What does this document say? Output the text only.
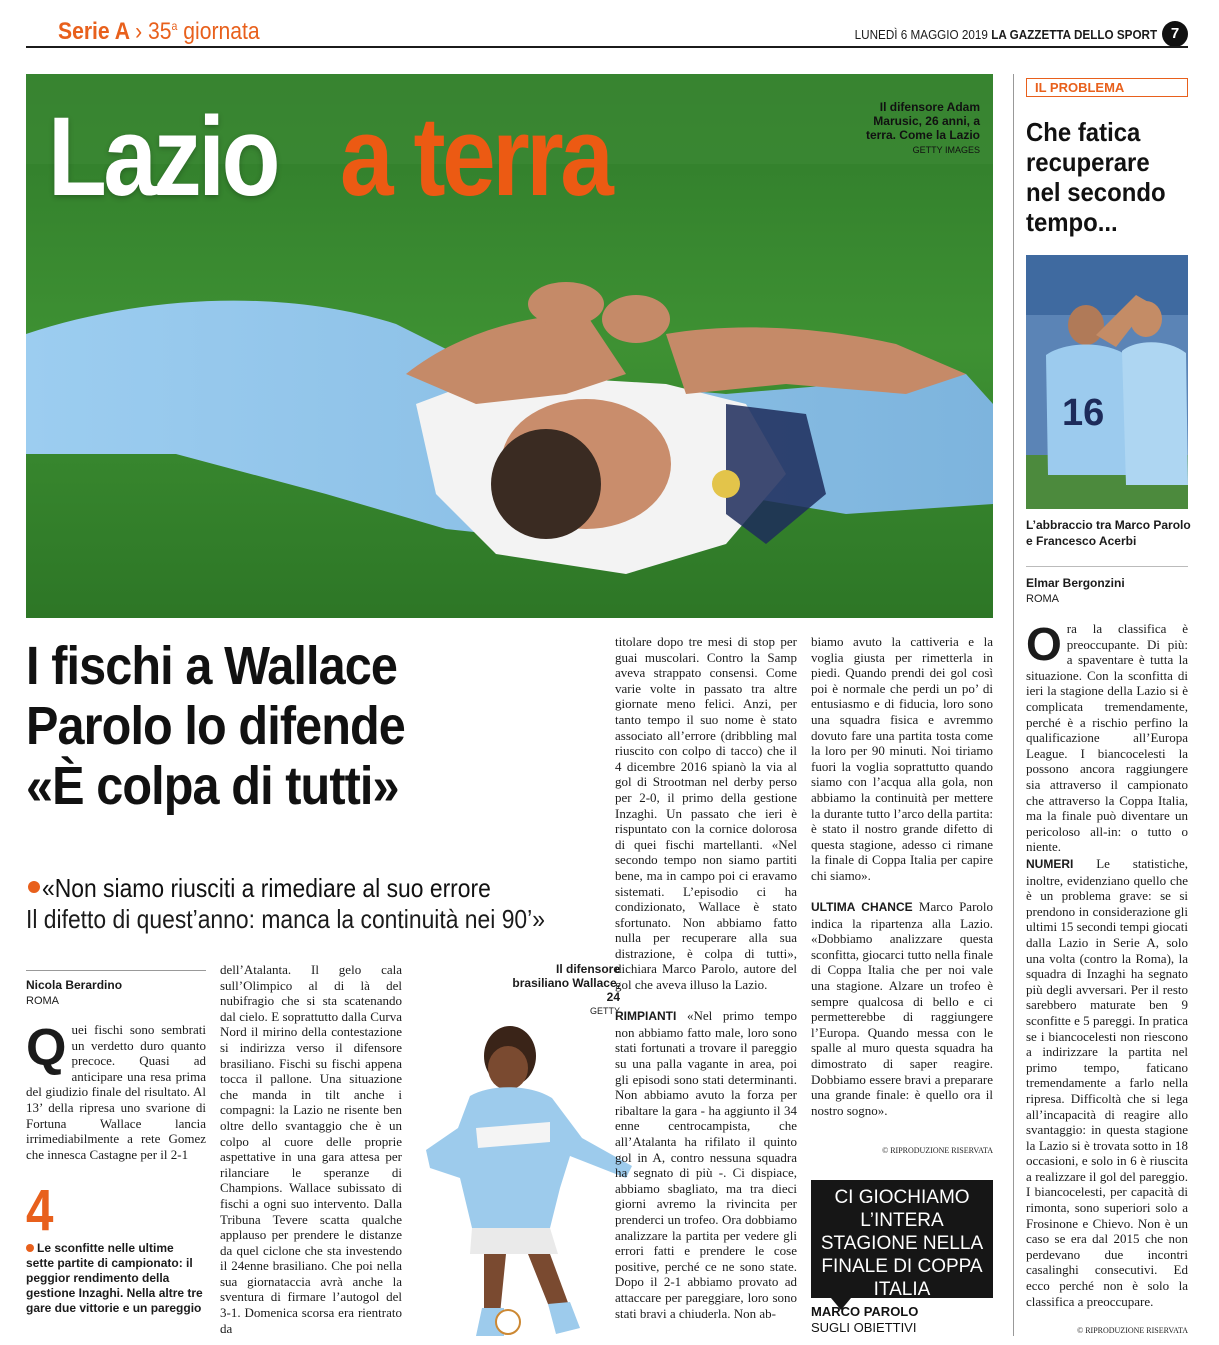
Serie A › 35$^a$ giornata	LUNEDÌ 6 MAGGIO 2019 LA GAZZETTA DELLO SPORT 7
Lazio a terra	Il difensore Adam Marusic, 26 anni, a terra. Come la Lazio GETTY IMAGES
I fischi a Wallace
Parolo lo difende
«È colpa di tutti»
«Non siamo riusciti a rimediare al suo errore
Il difetto di quest’anno: manca la continuità nei 90’»
Nicola Berardino
ROMA
Q uei fischi sono sembrati un verdetto duro quanto precoce. Quasi ad anticipare una resa prima del giudizio finale del risultato. Al 13’ della ripresa uno svarione di Fortuna Wallace lancia irrimediabilmente a rete Gomez che innesca Castagne per il 2-1
4
Le sconfitte nelle ultime sette partite di campionato: il peggior rendimento della gestione Inzaghi. Nella altre tre gare due vittorie e un pareggio
dell’Atalanta. Il gelo cala sull’Olimpico al di là del nubifragio che si sta scatenando dal cielo. E soprattutto dalla Curva Nord il mirino della contestazione si indirizza verso il difensore brasiliano. Fischi su fischi appena tocca il pallone. Una situazione che manda in tilt anche i compagni: la Lazio ne risente ben oltre dello svantaggio che è un colpo al cuore delle proprie aspettative in una gara attesa per rilanciare le speranze di Champions. Wallace subissato di fischi a ogni suo intervento. Dalla Tribuna Tevere scatta qualche applauso per prendere le distanze da quel ciclone che sta investendo il 24enne brasiliano. Che poi nella sua giornataccia avrà anche la sventura di firmare l’autogol del 3-1. Domenica scorsa era rientrato da
Il difensore brasiliano Wallace, 24
GETTY
titolare dopo tre mesi di stop per guai muscolari. Contro la Samp aveva strappato consensi. Come varie volte in passato tra altre giornate meno felici. Anzi, per tanto tempo il suo nome è stato associato all’errore (dribbling mal riuscito con colpo di tacco) che il 4 dicembre 2016 spianò la via al gol di Strootman nel derby perso per 2-0, il primo della gestione Inzaghi. Un passato che ieri è rispuntato con la cornice dolorosa di quei fischi martellanti. «Nel secondo tempo non siamo partiti bene, ma in campo poi ci eravamo sistemati. L’episodio ci ha condizionato, Wallace è stato sfortunato. Non abbiamo fatto nulla per recuperare alla sua distrazione, è colpa di tutti», dichiara Marco Parolo, autore del gol che aveva illuso la Lazio.

RIMPIANTI «Nel primo tempo non abbiamo fatto male, loro sono stati fortunati a trovare il pareggio su una palla vagante in area, poi gli episodi sono stati determinanti. Non abbiamo avuto la forza per ribaltare la gara - ha aggiunto il 34 enne centrocampista, che all’Atalanta ha rifilato il quinto gol in A, contro nessuna squadra ha segnato di più -. Ci dispiace, abbiamo sbagliato, ma tra dieci giorni avremo la rivincita per prenderci un trofeo. Ora dobbiamo analizzare la partita per vedere gli errori fatti e prendere le cose positive, perché ce ne sono state. Dopo il 2-1 abbiamo provato ad attaccare per pareggiare, loro sono stati bravi a chiuderla. Non ab-
biamo avuto la cattiveria e la voglia giusta per rimetterla in piedi. Quando prendi dei gol così poi è normale che perdi un po’ di entusiasmo e di fiducia, loro sono una squadra fisica e avremmo dovuto fare una partita tosta come la loro per 90 minuti. Noi tiriamo fuori la voglia soprattutto quando siamo con l’acqua alla gola, non abbiamo la continuità per mettere la durante tutto l’arco della partita: è stato il nostro grande difetto di questa stagione, adesso ci rimane la finale di Coppa Italia per capire chi siamo».

ULTIMA CHANCE Marco Parolo indica la ripartenza alla Lazio. «Dobbiamo analizzare questa sconfitta, giocarci tutto nella finale di Coppa Italia che per noi vale una stagione. Alzare un trofeo è sempre qualcosa di bello e ci permetterebbe di raggiungere l’Europa. Quando messa con le spalle al muro questa squadra ha dimostrato di saper reagire. Dobbiamo essere bravi a preparare una grande finale: è quello ora il nostro sogno».
© RIPRODUZIONE RISERVATA
CI GIOCHIAMO L’INTERA STAGIONE NELLA FINALE DI COPPA ITALIA
MARCO PAROLO
SUGLI OBIETTIVI
IL PROBLEMA
Che fatica recuperare nel secondo tempo...
16
L’abbraccio tra Marco Parolo e Francesco Acerbi
Elmar Bergonzini
ROMA
O ra la classifica è preoccupante. Di più: a spaventare è tutta la situazione. Con la sconfitta di ieri la stagione della Lazio si è complicata tremendamente, perché è a rischio perfino la qualificazione all’Europa League. I biancocelesti la possono ancora raggiungere sia attraverso il campionato che attraverso la Coppa Italia, ma la finale può diventare un pericoloso all-in: o tutto o niente.
NUMERI Le statistiche, inoltre, evidenziano quello che è un problema grave: se si prendono in considerazione gli ultimi 15 secondi tempi giocati dalla Lazio in Serie A, solo una volta (contro la Roma), la squadra di Inzaghi ha segnato più degli avversari. Per il resto sarebbero maturate ben 9 sconfitte e 5 pareggi. In pratica se i biancocelesti non riescono a indirizzare la partita nel primo tempo, faticano tremendamente a farlo nella ripresa. Difficoltà che si lega all’incapacità di reagire allo svantaggio: in questa stagione la Lazio si è trovata sotto in 18 occasioni, e solo in 6 è riuscita a realizzare il gol del pareggio. I biancocelesti, per capacità di rimonta, sono superiori solo a Frosinone e Chievo. Non è un caso se era dal 2015 che non perdevano due incontri casalinghi consecutivi. Ed ecco perché non è solo la classifica a preoccupare.
© RIPRODUZIONE RISERVATA
